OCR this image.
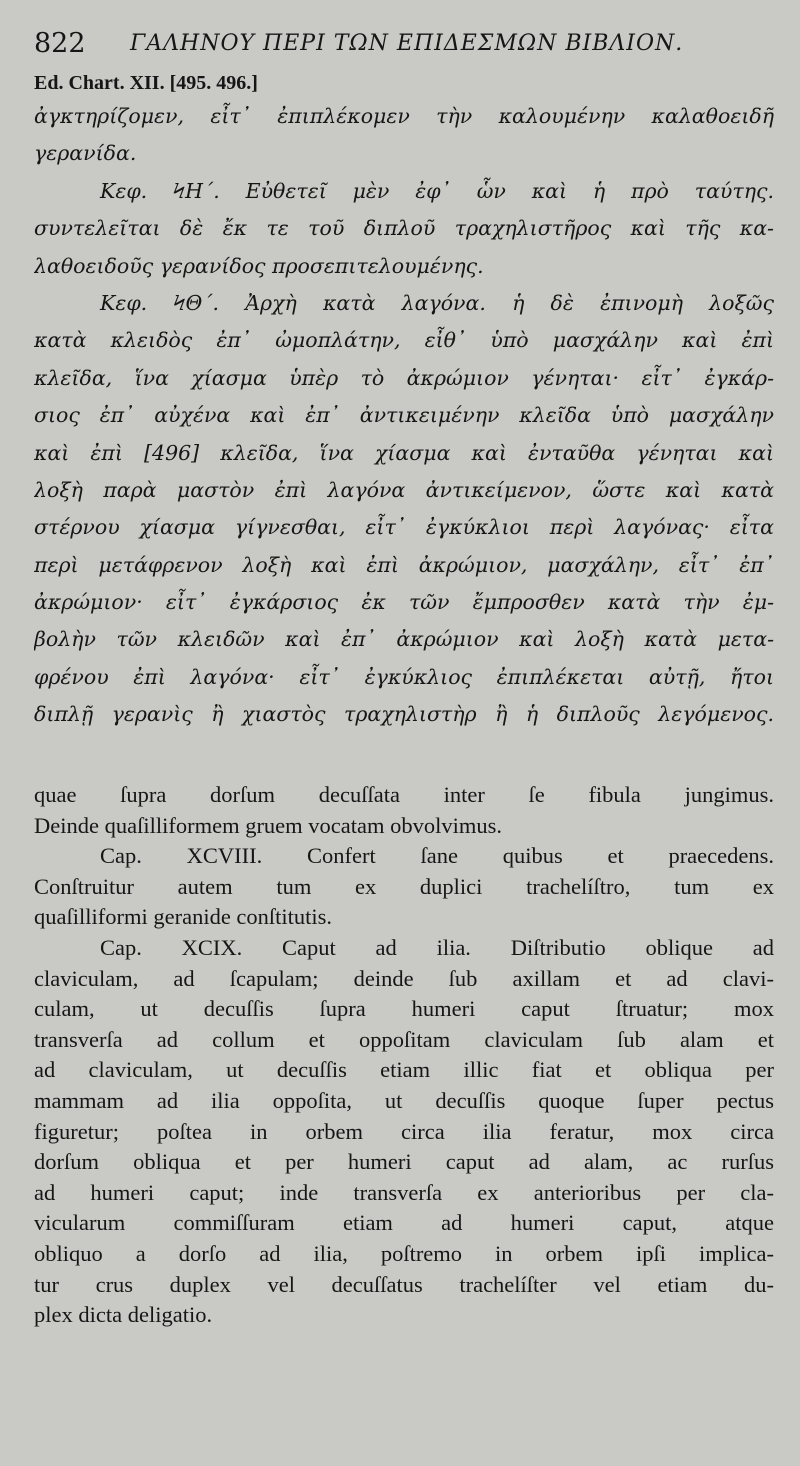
822 ΓΑΛΗΝΟΥ ΠΕΡΙ ΤΩΝ ΕΠΙΔΕΣΜΩΝ ΒΙΒΛΙΟΝ.
Ed. Chart. XII. [495. 496.]
ἀγκτηρίζομεν, εἶτ᾽ ἐπιπλέκομεν τὴν καλουμένην καλαθοειδῆ
γερανίδα.
Κεφ. ϞΗ΄. Εὐθετεῖ μὲν ἐφ᾽ ὧν καὶ ἡ πρὸ ταύτης.
συντελεῖται δὲ ἔκ τε τοῦ διπλοῦ τραχηλιστῆρος καὶ τῆς κα-
λαθοειδοῦς γερανίδος προσεπιτελουμένης.
Κεφ. ϞΘ΄. Ἀρχὴ κατὰ λαγόνα. ἡ δὲ ἐπινομὴ λοξῶς
κατὰ κλειδὸς ἐπ᾽ ὠμοπλάτην, εἶθ᾽ ὑπὸ μασχάλην καὶ ἐπὶ
κλεῖδα, ἵνα χίασμα ὑπὲρ τὸ ἀκρώμιον γένηται· εἶτ᾽ ἐγκάρ-
σιος ἐπ᾽ αὐχένα καὶ ἐπ᾽ ἀντικειμένην κλεῖδα ὑπὸ μασχάλην
καὶ ἐπὶ [496] κλεῖδα, ἵνα χίασμα καὶ ἐνταῦθα γένηται καὶ
λοξὴ παρὰ μαστὸν ἐπὶ λαγόνα ἀντικείμενον, ὥστε καὶ κατὰ
στέρνου χίασμα γίγνεσθαι, εἶτ᾽ ἐγκύκλιοι περὶ λαγόνας· εἶτα
περὶ μετάφρενον λοξὴ καὶ ἐπὶ ἀκρώμιον, μασχάλην, εἶτ᾽ ἐπ᾽
ἀκρώμιον· εἶτ᾽ ἐγκάρσιος ἐκ τῶν ἔμπροσθεν κατὰ τὴν ἐμ-
βολὴν τῶν κλειδῶν καὶ ἐπ᾽ ἀκρώμιον καὶ λοξὴ κατὰ μετα-
φρένου ἐπὶ λαγόνα· εἶτ᾽ ἐγκύκλιος ἐπιπλέκεται αὐτῇ, ἤτοι
διπλῇ γερανὶς ἢ χιαστὸς τραχηλιστὴρ ἢ ἡ διπλοῦς λεγόμενος.
quae ſupra dorſum decuſſata inter ſe fibula jungimus.
Deinde quaſilliformem gruem vocatam obvolvimus.
Cap. XCVIII. Confert ſane quibus et praecedens.
Conſtruitur autem tum ex duplici trachelíſtro, tum ex
quaſilliformi geranide conſtitutis.
Cap. XCIX. Caput ad ilia. Diſtributio oblique ad
claviculam, ad ſcapulam; deinde ſub axillam et ad clavi-
culam, ut decuſſis ſupra humeri caput ſtruatur; mox
transverſa ad collum et oppoſitam claviculam ſub alam et
ad claviculam, ut decuſſis etiam illic fiat et obliqua per
mammam ad ilia oppoſita, ut decuſſis quoque ſuper pectus
figuretur; poſtea in orbem circa ilia feratur, mox circa
dorſum obliqua et per humeri caput ad alam, ac rurſus
ad humeri caput; inde transverſa ex anterioribus per cla-
vicularum commiſſuram etiam ad humeri caput, atque
obliquo a dorſo ad ilia, poſtremo in orbem ipſi implica-
tur crus duplex vel decuſſatus trachelíſter vel etiam du-
plex dicta deligatio.
